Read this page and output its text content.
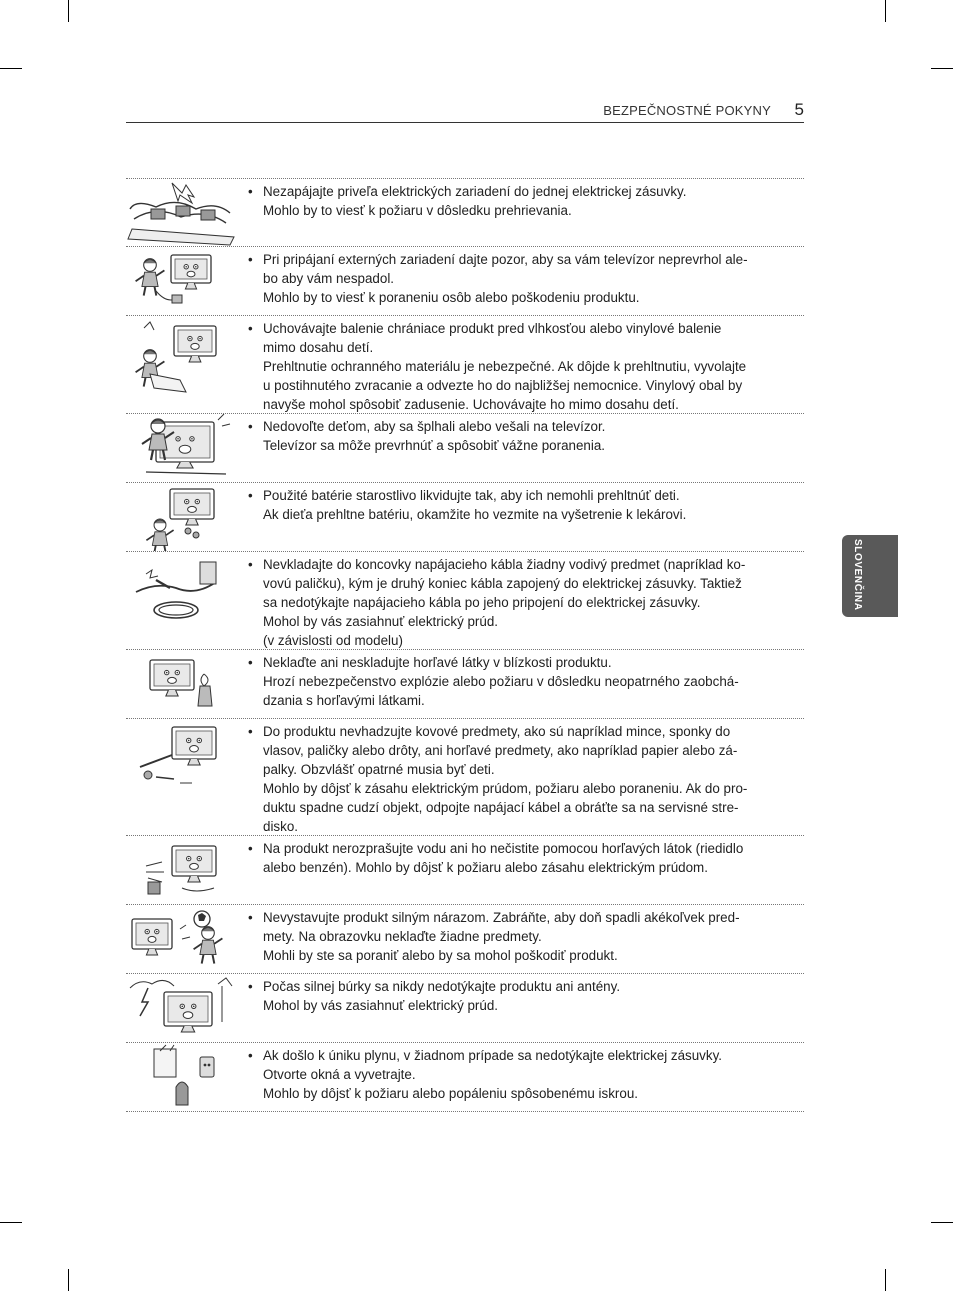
BEZPEČNOSTNÉ POKYNY 5
SLOVENČINA
• Nezapájajte priveľa elektrických zariadení do jednej elektrickej zásuvky.
Mohlo by to viesť k požiaru v dôsledku prehrievania.
• Pri pripájaní externých zariadení dajte pozor, aby sa vám televízor neprevrhol ale-
bo aby vám nespadol.
Mohlo by to viesť k poraneniu osôb alebo poškodeniu produktu.
• Uchovávajte balenie chrániace produkt pred vlhkosťou alebo vinylové balenie
mimo dosahu detí.
Prehltnutie ochranného materiálu je nebezpečné. Ak dôjde k prehltnutiu, vyvolajte
u postihnutého zvracanie a odvezte ho do najbližšej nemocnice. Vinylový obal by
navyše mohol spôsobiť zadusenie. Uchovávajte ho mimo dosahu detí.
• Nedovoľte deťom, aby sa šplhali alebo vešali na televízor.
Televízor sa môže prevrhnúť a spôsobiť vážne poranenia.
• Použité batérie starostlivo likvidujte tak, aby ich nemohli prehltnúť deti.
Ak dieťa prehltne batériu, okamžite ho vezmite na vyšetrenie k lekárovi.
• Nevkladajte do koncovky napájacieho kábla žiadny vodivý predmet (napríklad ko-
vovú paličku), kým je druhý koniec kábla zapojený do elektrickej zásuvky. Taktiež
sa nedotýkajte napájacieho kábla po jeho pripojení do elektrickej zásuvky.
Mohol by vás zasiahnuť elektrický prúd.
(v závislosti od modelu)
• Neklaďte ani neskladujte horľavé látky v blízkosti produktu.
Hrozí nebezpečenstvo explózie alebo požiaru v dôsledku neopatrného zaobchá-
dzania s horľavými látkami.
• Do produktu nevhadzujte kovové predmety, ako sú napríklad mince, sponky do
vlasov, paličky alebo drôty, ani horľavé predmety, ako napríklad papier alebo zá-
palky. Obzvlášť opatrné musia byť deti.
Mohlo by dôjsť k zásahu elektrickým prúdom, požiaru alebo poraneniu. Ak do pro-
duktu spadne cudzí objekt, odpojte napájací kábel a obráťte sa na servisné stre-
disko.
• Na produkt nerozprašujte vodu ani ho nečistite pomocou horľavých látok (riedidlo
alebo benzén). Mohlo by dôjsť k požiaru alebo zásahu elektrickým prúdom.
• Nevystavujte produkt silným nárazom. Zabráňte, aby doň spadli akékoľvek pred-
mety. Na obrazovku neklaďte žiadne predmety.
Mohli by ste sa poraniť alebo by sa mohol poškodiť produkt.
• Počas silnej búrky sa nikdy nedotýkajte produktu ani antény.
Mohol by vás zasiahnuť elektrický prúd.
• Ak došlo k úniku plynu, v žiadnom prípade sa nedotýkajte elektrickej zásuvky.
Otvorte okná a vyvetrajte.
Mohlo by dôjsť k požiaru alebo popáleniu spôsobenému iskrou.
